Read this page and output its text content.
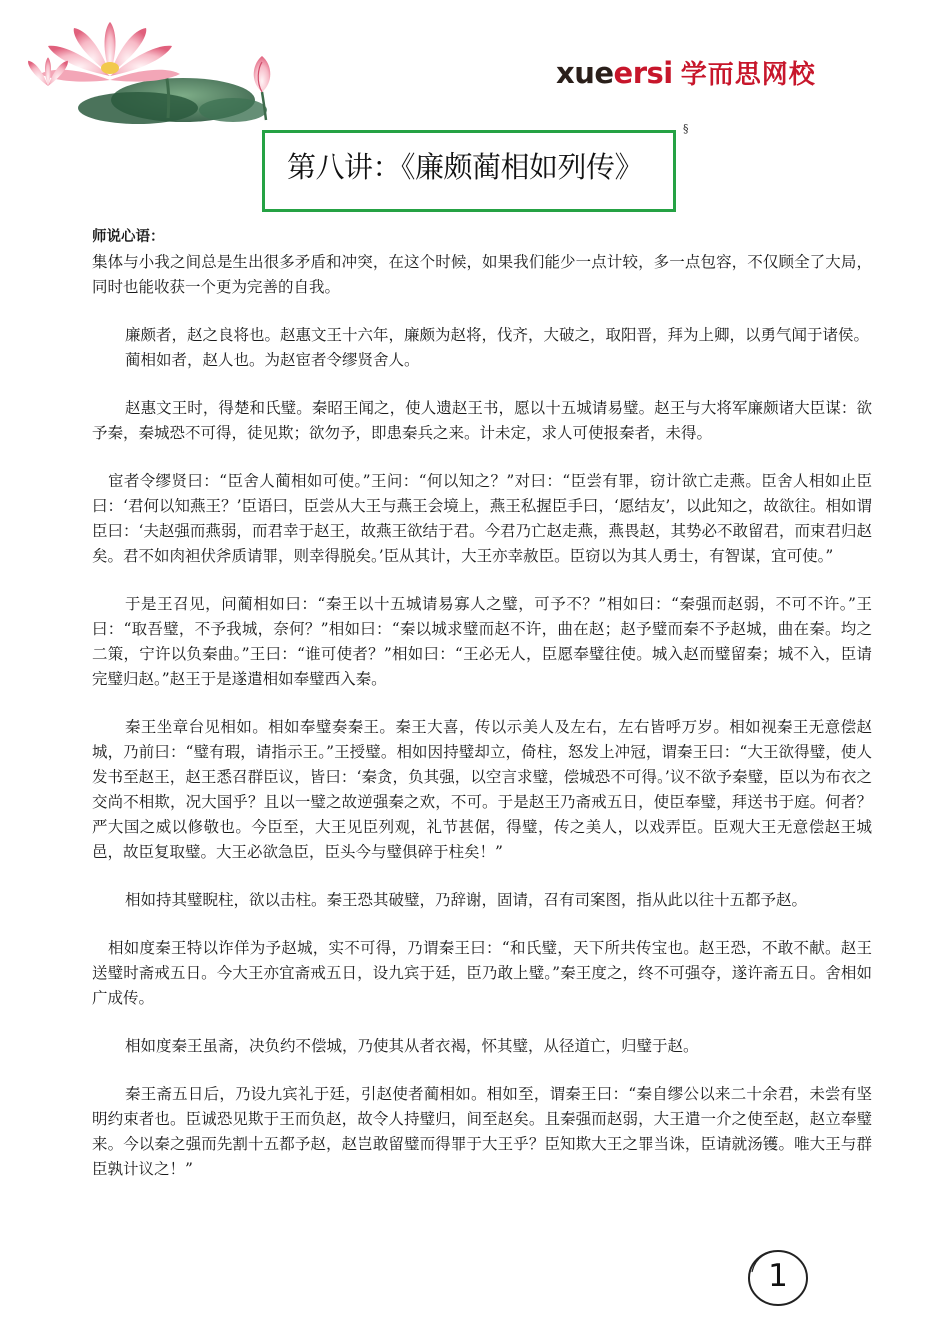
xueersi 学而思网校
第八讲：《廉颇蔺相如列传》
§

师说心语：

集体与小我之间总是生出很多矛盾和冲突，在这个时候，如果我们能少一点计较，多一点包容，不仅顾全了大局，同时也能收获一个更为完善的自我。

廉颇者，赵之良将也。赵惠文王十六年，廉颇为赵将，伐齐，大破之，取阳晋，拜为上卿，以勇气闻于诸侯。

蔺相如者，赵人也。为赵宦者令缪贤舍人。

赵惠文王时，得楚和氏璧。秦昭王闻之，使人遗赵王书，愿以十五城请易璧。赵王与大将军廉颇诸大臣谋：欲予秦，秦城恐不可得，徒见欺；欲勿予，即患秦兵之来。计未定，求人可使报秦者，未得。

宦者令缪贤曰：“臣舍人蔺相如可使。”王问：“何以知之？”对曰：“臣尝有罪，窃计欲亡走燕。臣舍人相如止臣曰：‘君何以知燕王？’臣语曰，臣尝从大王与燕王会境上，燕王私握臣手曰，‘愿结友’，以此知之，故欲往。相如谓臣曰：‘夫赵强而燕弱，而君幸于赵王，故燕王欲结于君。今君乃亡赵走燕，燕畏赵，其势必不敢留君，而束君归赵矣。君不如肉袒伏斧质请罪，则幸得脱矣。’臣从其计，大王亦幸赦臣。臣窃以为其人勇士，有智谋，宜可使。”

于是王召见，问蔺相如曰：“秦王以十五城请易寡人之璧，可予不？”相如曰：“秦强而赵弱，不可不许。”王曰：“取吾璧，不予我城，奈何？”相如曰：“秦以城求璧而赵不许，曲在赵；赵予璧而秦不予赵城，曲在秦。均之二策，宁许以负秦曲。”王曰：“谁可使者？”相如曰：“王必无人，臣愿奉璧往使。城入赵而璧留秦；城不入，臣请完璧归赵。”赵王于是遂遣相如奉璧西入秦。

秦王坐章台见相如。相如奉璧奏秦王。秦王大喜，传以示美人及左右，左右皆呼万岁。相如视秦王无意偿赵城，乃前曰：“璧有瑕，请指示王。”王授璧。相如因持璧却立，倚柱，怒发上冲冠，谓秦王曰：“大王欲得璧，使人发书至赵王，赵王悉召群臣议，皆曰：‘秦贪，负其强，以空言求璧，偿城恐不可得。’议不欲予秦璧，臣以为布衣之交尚不相欺，况大国乎？且以一璧之故逆强秦之欢，不可。于是赵王乃斋戒五日，使臣奉璧，拜送书于庭。何者？严大国之威以修敬也。今臣至，大王见臣列观，礼节甚倨，得璧，传之美人，以戏弄臣。臣观大王无意偿赵王城邑，故臣复取璧。大王必欲急臣，臣头今与璧俱碎于柱矣！”

相如持其璧睨柱，欲以击柱。秦王恐其破璧，乃辞谢，固请，召有司案图，指从此以往十五都予赵。

相如度秦王特以诈佯为予赵城，实不可得，乃谓秦王曰：“和氏璧，天下所共传宝也。赵王恐，不敢不献。赵王送璧时斋戒五日。今大王亦宜斋戒五日，设九宾于廷，臣乃敢上璧。”秦王度之，终不可强夺，遂许斋五日。舍相如广成传。

相如度秦王虽斋，决负约不偿城，乃使其从者衣褐，怀其璧，从径道亡，归璧于赵。

秦王斋五日后，乃设九宾礼于廷，引赵使者蔺相如。相如至，谓秦王曰：“秦自缪公以来二十余君，未尝有坚明约束者也。臣诚恐见欺于王而负赵，故令人持璧归，间至赵矣。且秦强而赵弱，大王遣一介之使至赵，赵立奉璧来。今以秦之强而先割十五都予赵，赵岂敢留璧而得罪于大王乎？臣知欺大王之罪当诛，臣请就汤镬。唯大王与群臣孰计议之！”

1
